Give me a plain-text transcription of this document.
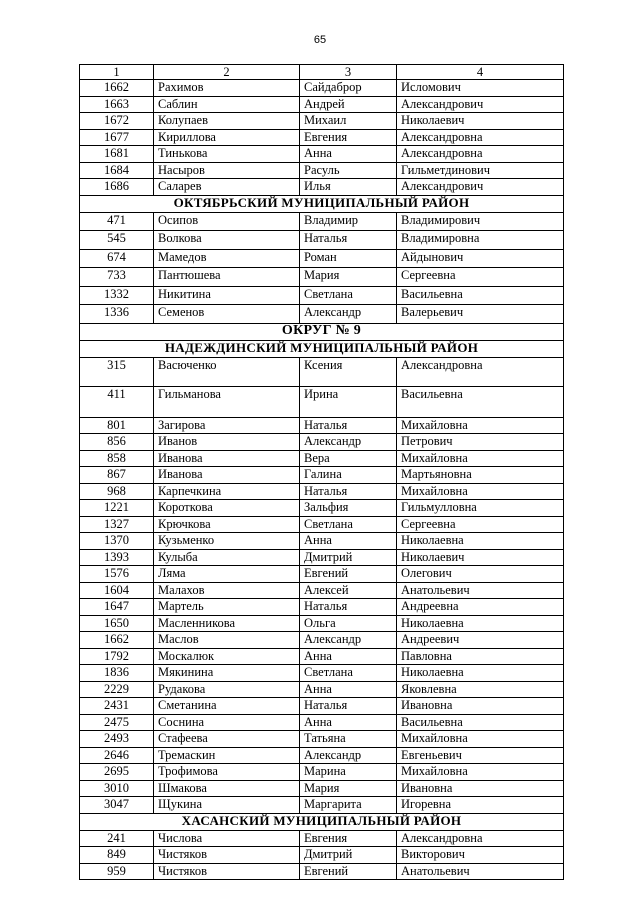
65
1	2	3	4
1662	Рахимов	Сайдаброр	Исломович
1663	Саблин	Андрей	Александрович
1672	Колупаев	Михаил	Николаевич
1677	Кириллова	Евгения	Александровна
1681	Тинькова	Анна	Александровна
1684	Насыров	Расуль	Гильметдинович
1686	Саларев	Илья	Александрович
ОКТЯБРЬСКИЙ МУНИЦИПАЛЬНЫЙ РАЙОН			
471	Осипов	Владимир	Владимирович
545	Волкова	Наталья	Владимировна
674	Мамедов	Роман	Айдынович
733	Пантюшева	Мария	Сергеевна
1332	Никитина	Светлана	Васильевна
1336	Семенов	Александр	Валерьевич
ОКРУГ № 9			
НАДЕЖДИНСКИЙ МУНИЦИПАЛЬНЫЙ РАЙОН			
315	Васюченко	Ксения	Александровна
411	Гильманова	Ирина	Васильевна
801	Загирова	Наталья	Михайловна
856	Иванов	Александр	Петрович
858	Иванова	Вера	Михайловна
867	Иванова	Галина	Мартьяновна
968	Карпечкина	Наталья	Михайловна
1221	Короткова	Зальфия	Гильмулловна
1327	Крючкова	Светлана	Сергеевна
1370	Кузьменко	Анна	Николаевна
1393	Кулыба	Дмитрий	Николаевич
1576	Ляма	Евгений	Олегович
1604	Малахов	Алексей	Анатольевич
1647	Мартель	Наталья	Андреевна
1650	Масленникова	Ольга	Николаевна
1662	Маслов	Александр	Андреевич
1792	Москалюк	Анна	Павловна
1836	Мякинина	Светлана	Николаевна
2229	Рудакова	Анна	Яковлевна
2431	Сметанина	Наталья	Ивановна
2475	Соснина	Анна	Васильевна
2493	Стафеева	Татьяна	Михайловна
2646	Тремаскин	Александр	Евгеньевич
2695	Трофимова	Марина	Михайловна
3010	Шмакова	Мария	Ивановна
3047	Щукина	Маргарита	Игоревна
ХАСАНСКИЙ МУНИЦИПАЛЬНЫЙ РАЙОН			
241	Числова	Евгения	Александровна
849	Чистяков	Дмитрий	Викторович
959	Чистяков	Евгений	Анатольевич
